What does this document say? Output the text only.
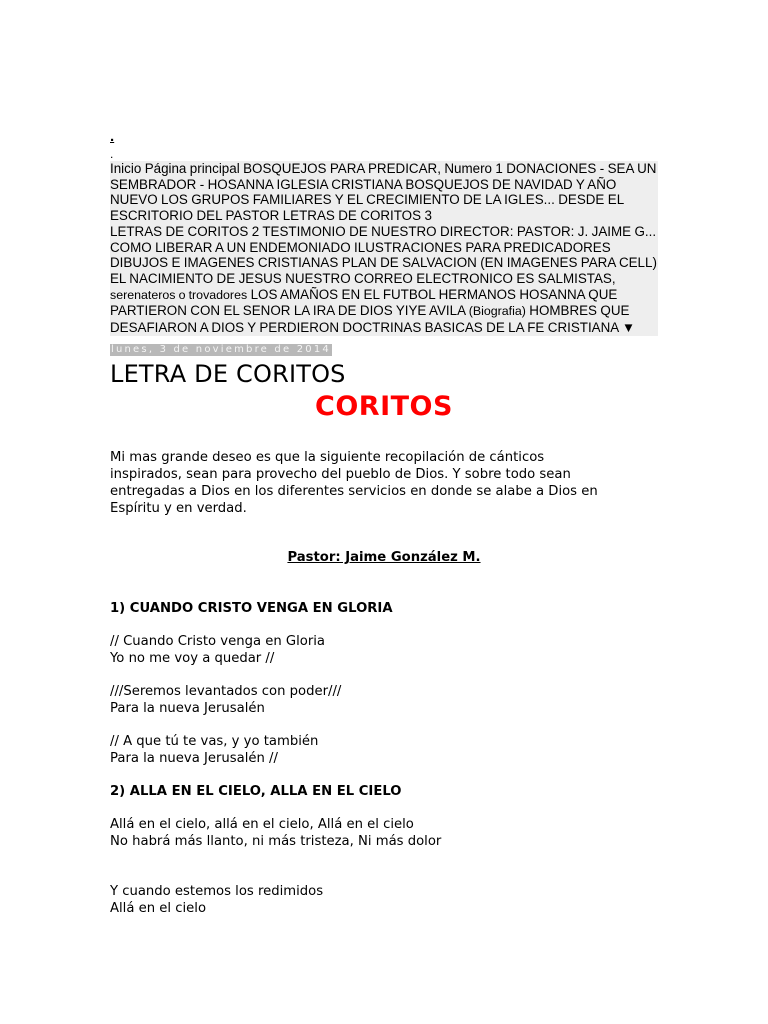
.
.
Inicio Página principal BOSQUEJOS PARA PREDICAR, Numero 1 DONACIONES - SEA UN SEMBRADOR - HOSANNA IGLESIA CRISTIANA BOSQUEJOS DE NAVIDAD Y AÑO NUEVO LOS GRUPOS FAMILIARES Y EL CRECIMIENTO DE LA IGLES... DESDE EL ESCRITORIO DEL PASTOR LETRAS DE CORITOS 3
LETRAS DE CORITOS 2 TESTIMONIO DE NUESTRO DIRECTOR: PASTOR: J. JAIME G... COMO LIBERAR A UN ENDEMONIADO ILUSTRACIONES PARA PREDICADORES DIBUJOS E IMAGENES CRISTIANAS PLAN DE SALVACION (EN IMAGENES PARA CELL) EL NACIMIENTO DE JESUS NUESTRO CORREO ELECTRONICO ES SALMISTAS, serenateros o trovadores LOS AMAÑOS EN EL FUTBOL HERMANOS HOSANNA QUE PARTIERON CON EL SENOR LA IRA DE DIOS YIYE AVILA (Biografia) HOMBRES QUE DESAFIARON A DIOS Y PERDIERON DOCTRINAS BASICAS DE LA FE CRISTIANA ▼
lunes, 3 de noviembre de 2014
LETRA DE CORITOS
CORITOS
Mi mas grande deseo es que la siguiente recopilación de cánticos
inspirados, sean para provecho del pueblo de Dios. Y sobre todo sean
entregadas a Dios en los diferentes servicios en donde se alabe a Dios en
Espíritu y en verdad.
Pastor: Jaime González M.
1) CUANDO CRISTO VENGA EN GLORIA
// Cuando Cristo venga en Gloria
Yo no me voy a quedar //
///Seremos levantados con poder///
Para la nueva Jerusalén
// A que tú te vas, y yo también
Para la nueva Jerusalén //
2) ALLA EN EL CIELO, ALLA EN EL CIELO
Allá en el cielo, allá en el cielo, Allá en el cielo
No habrá más llanto, ni más tristeza, Ni más dolor
Y cuando estemos los redimidos
Allá en el cielo
